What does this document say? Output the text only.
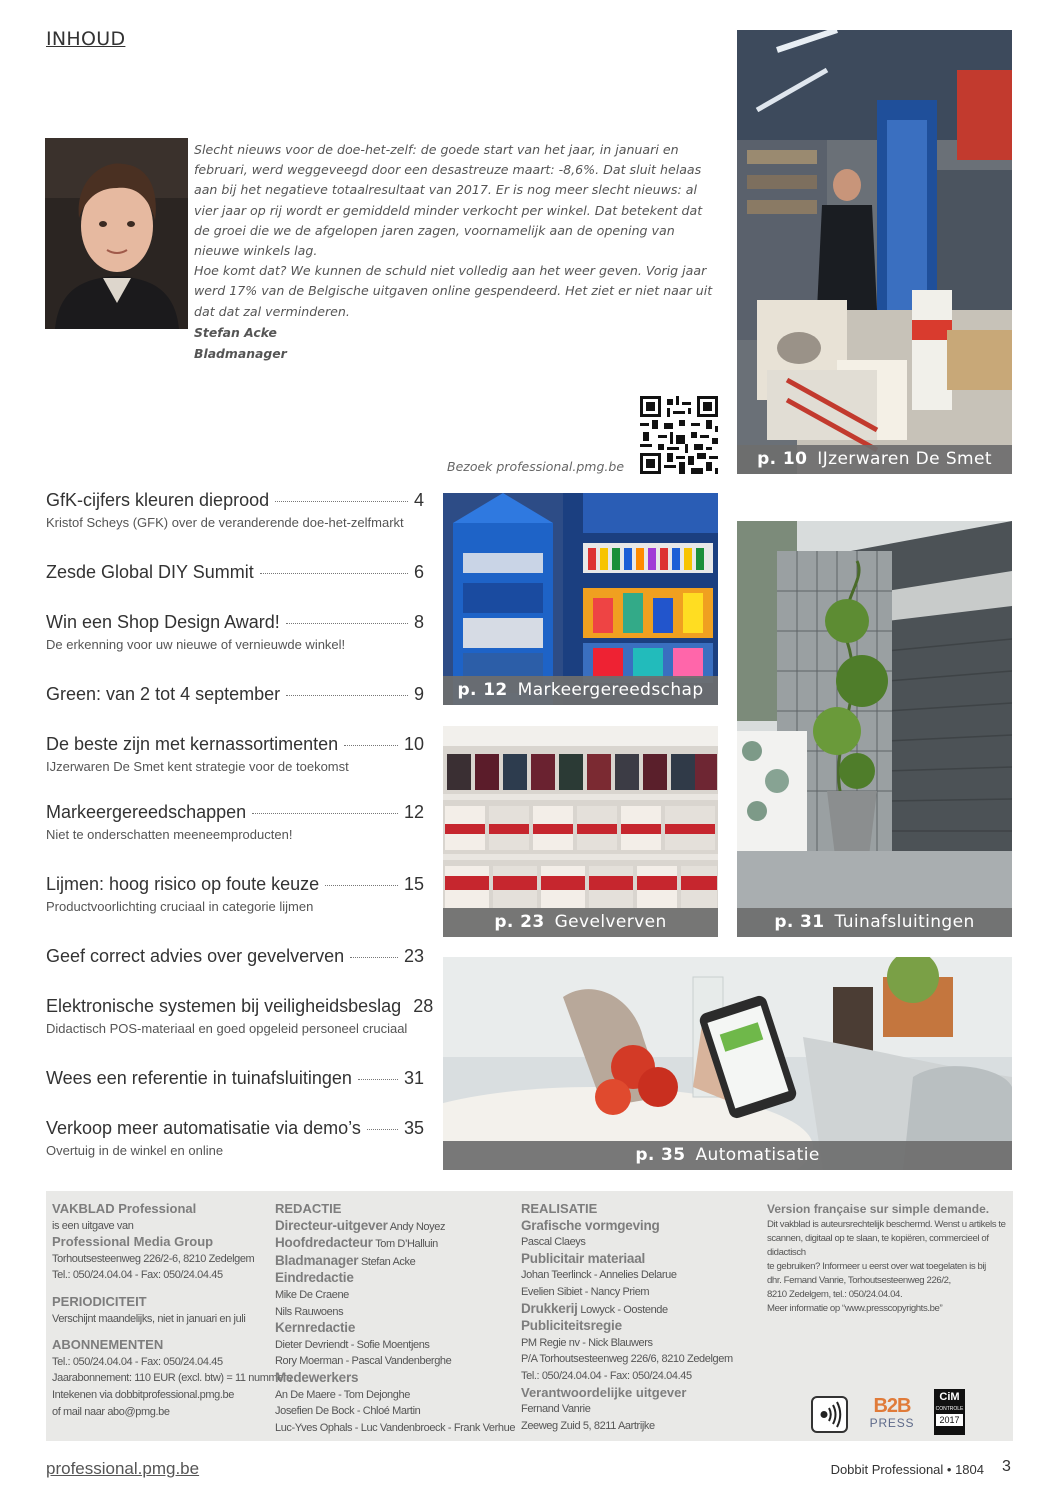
INHOUD

Slecht nieuws voor de doe-het-zelf: de goede start van het jaar, in januari en februari, werd weggeveegd door een desastreuze maart: -8,6%. Dat sluit helaas aan bij het negatieve totaalresultaat van 2017. Er is nog meer slecht nieuws: al vier jaar op rij wordt er gemiddeld minder verkocht per winkel. Dat betekent dat de groei die we de afgelopen jaren zagen, voornamelijk aan de opening van nieuwe winkels lag.

Hoe komt dat? We kunnen de schuld niet volledig aan het weer geven. Vorig jaar werd 17% van de Belgische uitgaven online gespendeerd. Het ziet er niet naar uit dat dat zal verminderen.

Stefan Acke
Bladmanager
Bezoek professional.pmg.be	p. 10 IJzerwaren De Smet
p. 12 Markeergereedschap
p. 23 Gevelverven	p. 31 Tuinafsluitingen
p. 35 Automatisatie
GfK-cijfers kleuren dieprood	4
Kristof Scheys (GFK) over de veranderende doe-het-zelfmarkt
Zesde Global DIY Summit	6
Win een Shop Design Award!	8
De erkenning voor uw nieuwe of vernieuwde winkel!
Green: van 2 tot 4 september	9
De beste zijn met kernassortimenten	10
IJzerwaren De Smet kent strategie voor de toekomst
Markeergereedschappen	12
Niet te onderschatten meeneemproducten!
Lijmen: hoog risico op foute keuze	15
Productvoorlichting cruciaal in categorie lijmen
Geef correct advies over gevelverven	23
Elektronische systemen bij veiligheidsbeslag 28
Didactisch POS-materiaal en goed opgeleid personeel cruciaal
Wees een referentie in tuinafsluitingen	31
Verkoop meer automatisatie via demo’s 35
Overtuig in de winkel en online
VAKBLAD Professional
is een uitgave van
Professional Media Group
Torhoutsesteenweg 226/2-6, 8210 Zedelgem
Tel.: 050/24.04.04 - Fax: 050/24.04.45
PERIODICITEIT
Verschijnt maandelijks, niet in januari en juli
ABONNEMENTEN
Tel.: 050/24.04.04 - Fax: 050/24.04.45
Jaarabonnement: 110 EUR (excl. btw) = 11 nummers
Intekenen via dobbitprofessional.pmg.be
of mail naar abo@pmg.be
REDACTIE
Directeur-uitgever Andy Noyez
Hoofdredacteur Tom D’Halluin
Bladmanager Stefan Acke
Eindredactie
Mike De Craene
Nils Rauwoens
Kernredactie
Dieter Devriendt - Sofie Moentjens
Rory Moerman - Pascal Vandenberghe
Medewerkers
An De Maere - Tom Dejonghe
Josefien De Bock - Chloé Martin
Luc-Yves Ophals - Luc Vandenbroeck - Frank Verhue
REALISATIE
Grafische vormgeving
Pascal Claeys
Publicitair materiaal
Johan Teerlinck - Annelies Delarue
Evelien Sibiet - Nancy Priem
Drukkerij Lowyck - Oostende
Publiciteitsregie
PM Regie nv - Nick Blauwers
P/A Torhoutsesteenweg 226/6, 8210 Zedelgem
Tel.: 050/24.04.04 - Fax: 050/24.04.45
Verantwoordelijke uitgever
Fernand Vanrie
Zeeweg Zuid 5, 8211 Aartrijke
Version française sur simple demande.
Dit vakblad is auteursrechtelijk beschermd. Wenst u artikels te
scannen, digitaal op te slaan, te kopiëren, commercieel of didactisch
te gebruiken? Informeer u eerst over wat toegelaten is bij
dhr. Fernand Vanrie, Torhoutsesteenweg 226/2,
8210 Zedelgem, tel.: 050/24.04.04.
Meer informatie op “www.presscopyrights.be”
B2B
PRESS
CiM
CONTROLE
2017
professional.pmg.be	Dobbit Professional • 1804 3
